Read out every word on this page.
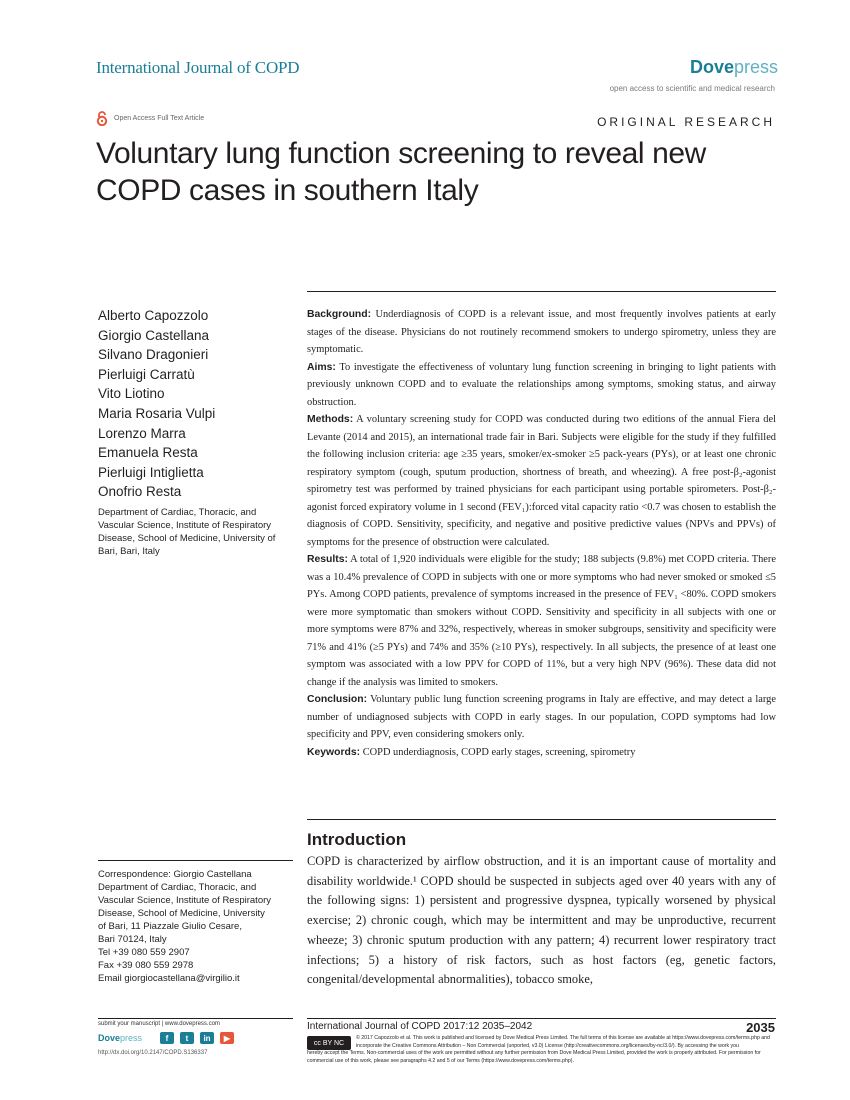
International Journal of COPD	Dovepress
open access to scientific and medical research
Open Access Full Text Article	ORIGINAL RESEARCH
Voluntary lung function screening to reveal new COPD cases in southern Italy
Alberto Capozzolo
Giorgio Castellana
Silvano Dragonieri
Pierluigi Carratù
Vito Liotino
Maria Rosaria Vulpi
Lorenzo Marra
Emanuela Resta
Pierluigi Intiglietta
Onofrio Resta
Department of Cardiac, Thoracic, and Vascular Science, Institute of Respiratory Disease, School of Medicine, University of Bari, Bari, Italy
Correspondence: Giorgio Castellana
Department of Cardiac, Thoracic, and
Vascular Science, Institute of Respiratory
Disease, School of Medicine, University
of Bari, 11 Piazzale Giulio Cesare,
Bari 70124, Italy
Tel +39 080 559 2907
Fax +39 080 559 2978
Email giorgiocastellana@virgilio.it

Background: Underdiagnosis of COPD is a relevant issue, and most frequently involves patients at early stages of the disease. Physicians do not routinely recommend smokers to undergo spirometry, unless they are symptomatic.

Aims: To investigate the effectiveness of voluntary lung function screening in bringing to light patients with previously unknown COPD and to evaluate the relationships among symptoms, smoking status, and airway obstruction.

Methods: A voluntary screening study for COPD was conducted during two editions of the annual Fiera del Levante (2014 and 2015), an international trade fair in Bari. Subjects were eligible for the study if they fulfilled the following inclusion criteria: age ≥35 years, smoker/ex-smoker ≥5 pack-years (PYs), or at least one chronic respiratory symptom (cough, sputum production, shortness of breath, and wheezing). A free post-β₂-agonist spirometry test was performed by trained physicians for each participant using portable spirometers. Post-β₂-agonist forced expiratory volume in 1 second (FEV₁):forced vital capacity ratio <0.7 was chosen to establish the diagnosis of COPD. Sensitivity, specificity, and negative and positive predictive values (NPVs and PPVs) of symptoms for the presence of obstruction were calculated.

Results: A total of 1,920 individuals were eligible for the study; 188 subjects (9.8%) met COPD criteria. There was a 10.4% prevalence of COPD in subjects with one or more symptoms who had never smoked or smoked ≤5 PYs. Among COPD patients, prevalence of symptoms increased in the presence of FEV₁ <80%. COPD smokers were more symptomatic than smokers without COPD. Sensitivity and specificity in all subjects with one or more symptoms were 87% and 32%, respectively, whereas in smoker subgroups, sensitivity and specificity were 71% and 41% (≥5 PYs) and 74% and 35% (≥10 PYs), respectively. In all subjects, the presence of at least one symptom was associated with a low PPV for COPD of 11%, but a very high NPV (96%). These data did not change if the analysis was limited to smokers.

Conclusion: Voluntary public lung function screening programs in Italy are effective, and may detect a large number of undiagnosed subjects with COPD in early stages. In our population, COPD symptoms had low specificity and PPV, even considering smokers only.

Keywords: COPD underdiagnosis, COPD early stages, screening, spirometry

Introduction
COPD is characterized by airflow obstruction, and it is an important cause of mortality and disability worldwide.¹ COPD should be suspected in subjects aged over 40 years with any of the following signs: 1) persistent and progressive dyspnea, typically worsened by physical exercise; 2) chronic cough, which may be intermittent and may be unproductive, recurrent wheeze; 3) chronic sputum production with any pattern; 4) recurrent lower respiratory tract infections; 5) a history of risk factors, such as host factors (eg, genetic factors, congenital/developmental abnormalities), tobacco smoke,
submit your manuscript | www.dovepress.com
Dovepress	f	t	in	▶
http://dx.doi.org/10.2147/COPD.S136337
International Journal of COPD 2017:12 2035–2042	2035
cc BY NC
© 2017 Capozzolo et al. This work is published and licensed by Dove Medical Press Limited. The full terms of this license are available at https://www.dovepress.com/terms.php and incorporate the Creative Commons Attribution – Non Commercial (unported, v3.0) License (http://creativecommons.org/licenses/by-nc/3.0/). By accessing the work you
hereby accept the Terms. Non-commercial uses of the work are permitted without any further permission from Dove Medical Press Limited, provided the work is properly attributed. For permission for commercial use of this work, please see paragraphs 4.2 and 5 of our Terms (https://www.dovepress.com/terms.php).
